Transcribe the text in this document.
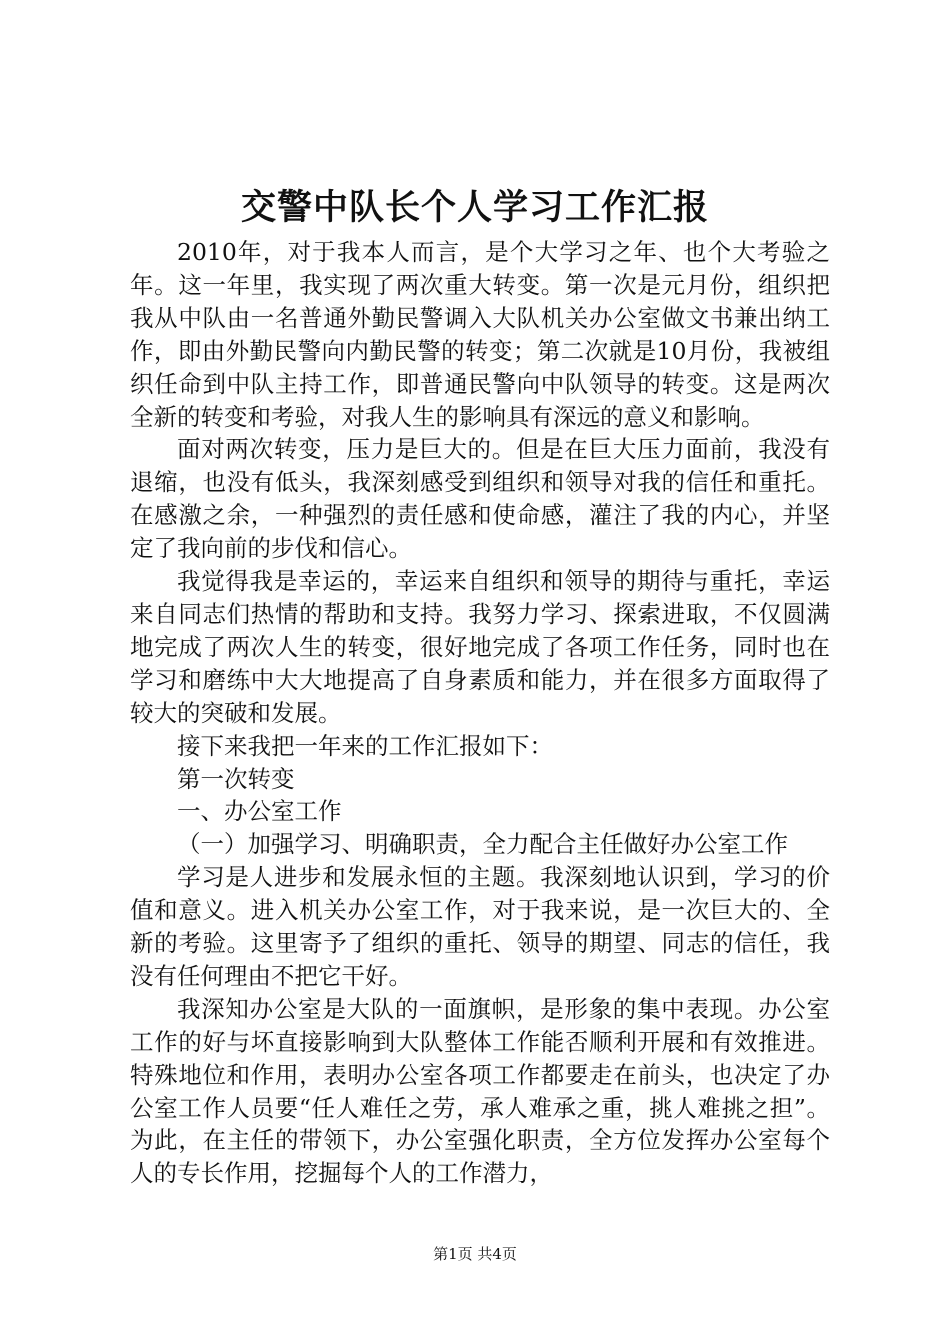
交警中队长个人学习工作汇报

2010年，对于我本人而言，是个大学习之年、也个大考验之年。这一年里，我实现了两次重大转变。第一次是元月份，组织把我从中队由一名普通外勤民警调入大队机关办公室做文书兼出纳工作，即由外勤民警向内勤民警的转变；第二次就是10月份，我被组织任命到中队主持工作，即普通民警向中队领导的转变。这是两次全新的转变和考验，对我人生的影响具有深远的意义和影响。

面对两次转变，压力是巨大的。但是在巨大压力面前，我没有退缩，也没有低头，我深刻感受到组织和领导对我的信任和重托。在感激之余，一种强烈的责任感和使命感，灌注了我的内心，并坚定了我向前的步伐和信心。

我觉得我是幸运的，幸运来自组织和领导的期待与重托，幸运来自同志们热情的帮助和支持。我努力学习、探索进取，不仅圆满地完成了两次人生的转变，很好地完成了各项工作任务，同时也在学习和磨练中大大地提高了自身素质和能力，并在很多方面取得了较大的突破和发展。

接下来我把一年来的工作汇报如下：

第一次转变

一、办公室工作

（一）加强学习、明确职责，全力配合主任做好办公室工作

学习是人进步和发展永恒的主题。我深刻地认识到，学习的价值和意义。进入机关办公室工作，对于我来说，是一次巨大的、全新的考验。这里寄予了组织的重托、领导的期望、同志的信任，我没有任何理由不把它干好。

我深知办公室是大队的一面旗帜，是形象的集中表现。办公室工作的好与坏直接影响到大队整体工作能否顺利开展和有效推进。特殊地位和作用，表明办公室各项工作都要走在前头，也决定了办公室工作人员要“任人难任之劳，承人难承之重，挑人难挑之担”。为此，在主任的带领下，办公室强化职责，全方位发挥办公室每个人的专长作用，挖掘每个人的工作潜力，

第1页 共4页
